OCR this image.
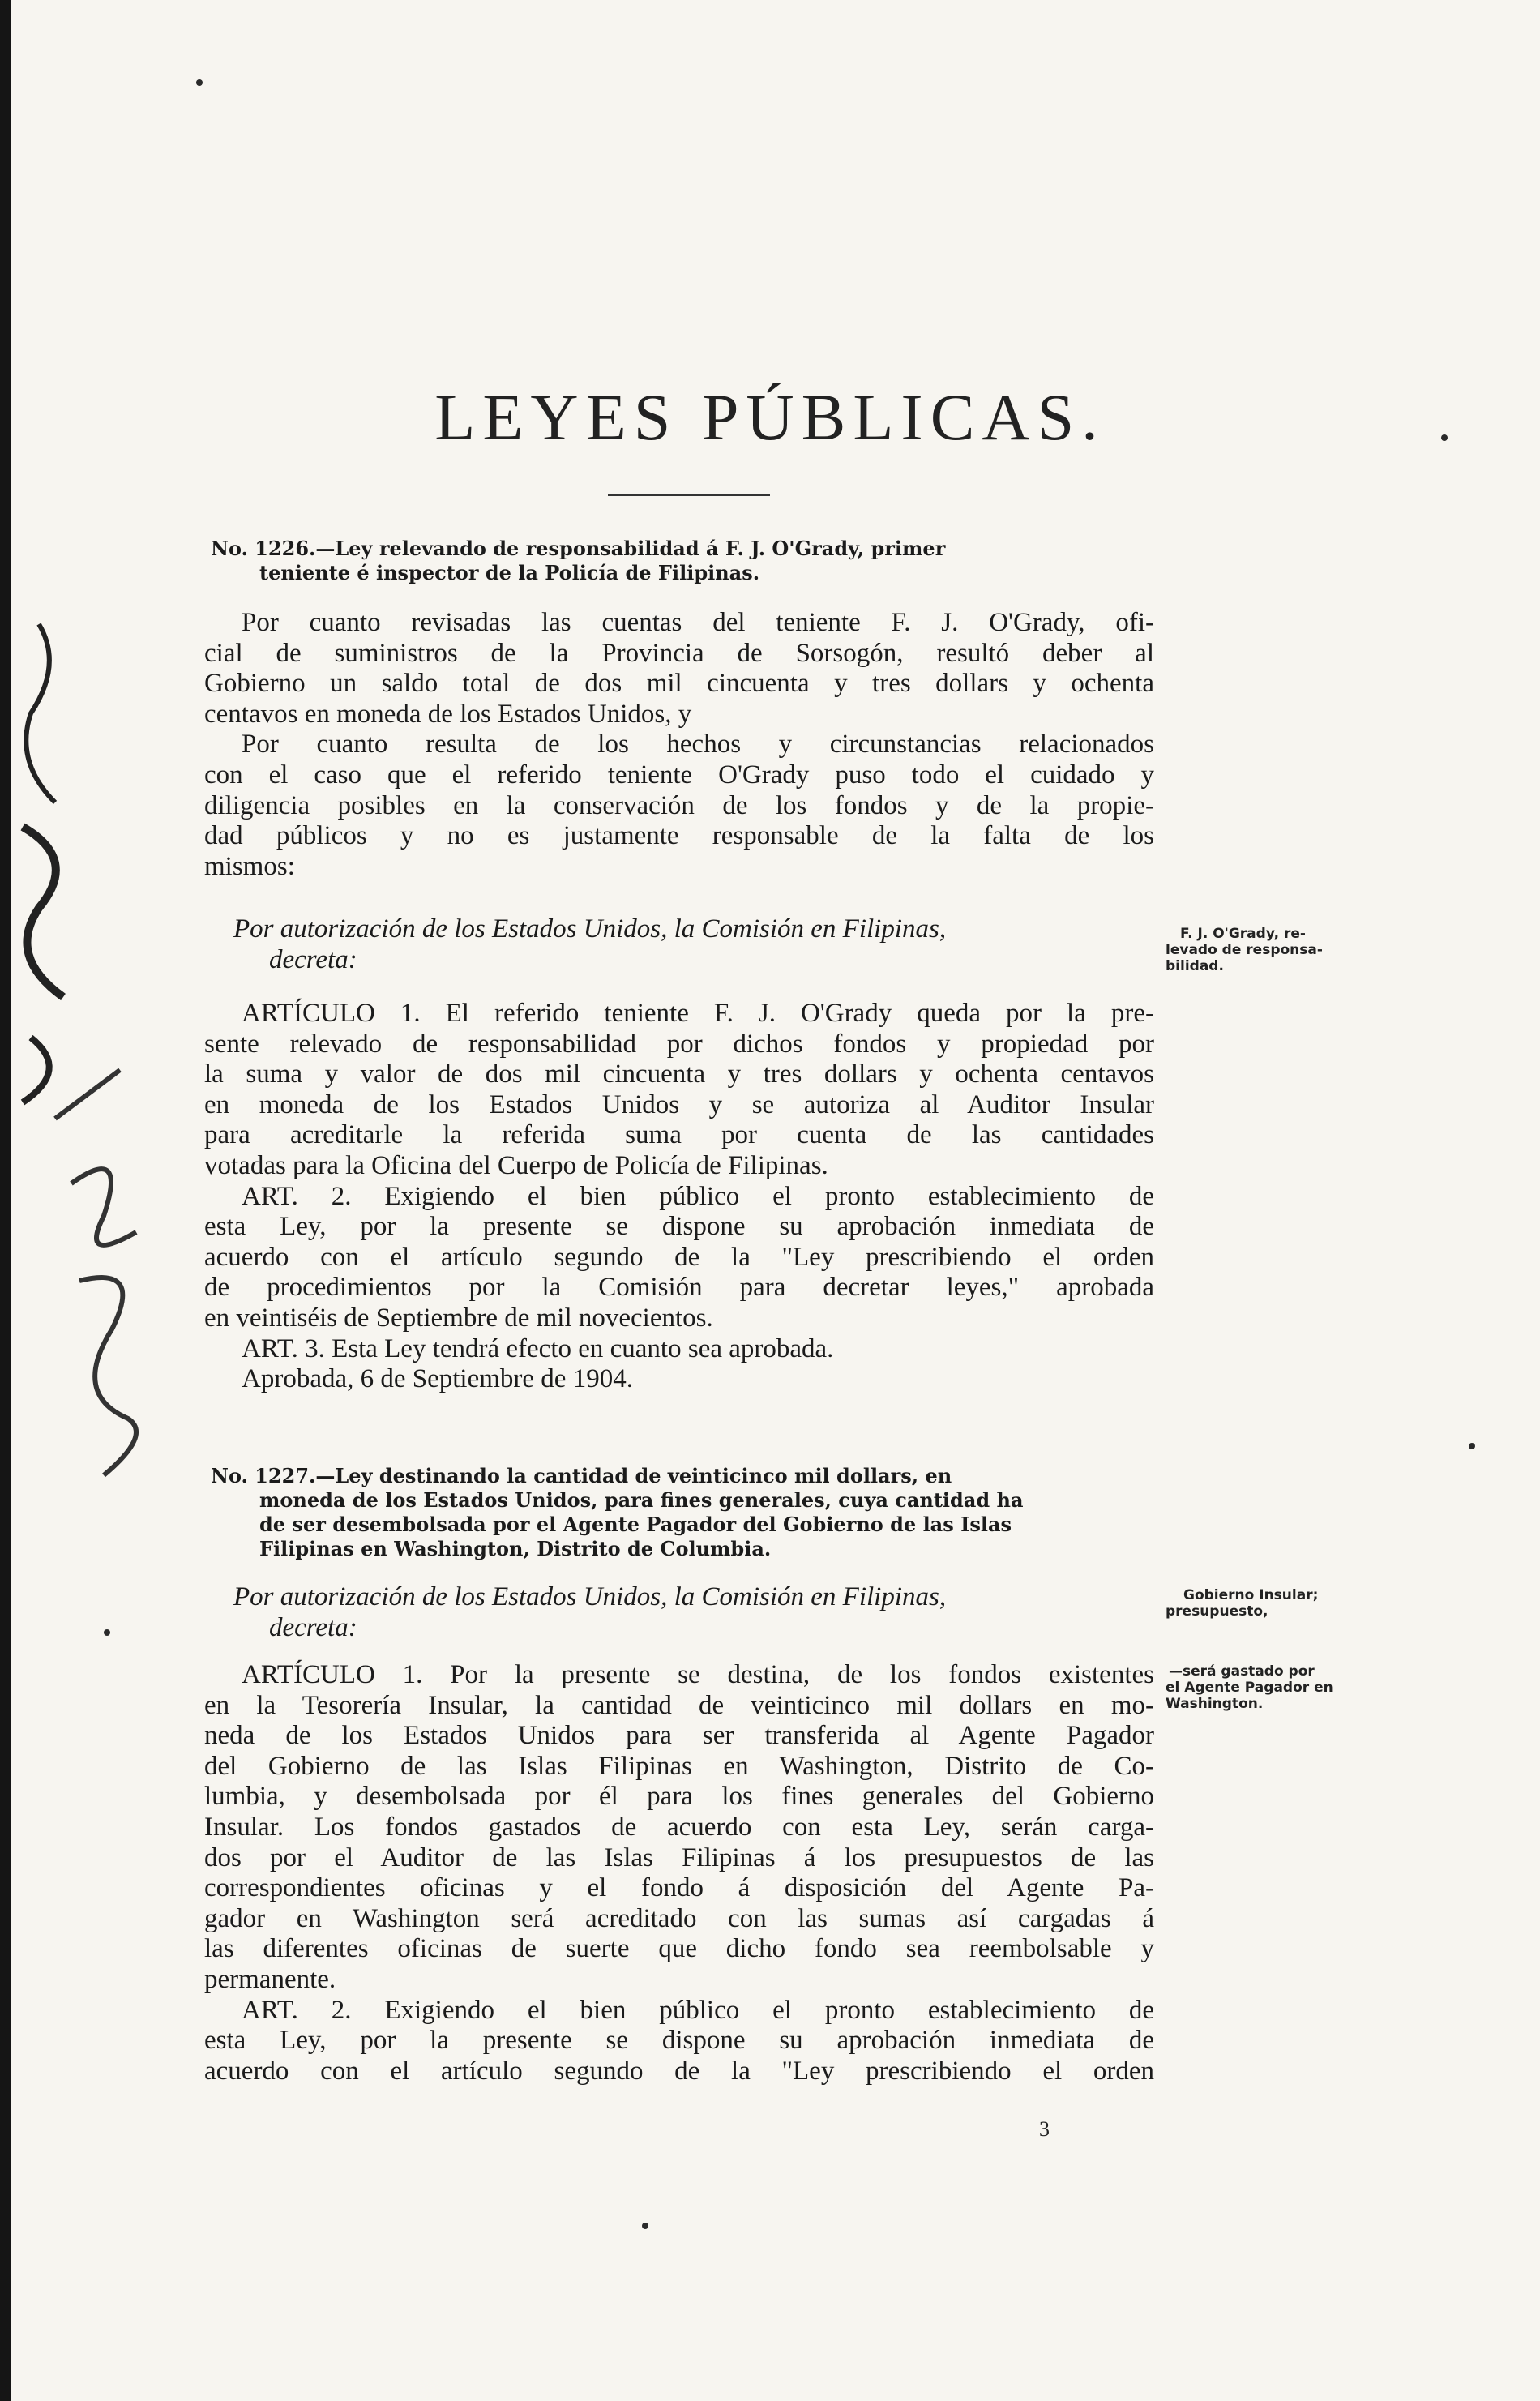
LEYES PÚBLICAS.
No. 1226.—Ley relevando de responsabilidad á F. J. O'Grady, primer
teniente é inspector de la Policía de Filipinas.
Por cuanto revisadas las cuentas del teniente F. J. O'Grady, ofi-
cial de suministros de la Provincia de Sorsogón, resultó deber al
Gobierno un saldo total de dos mil cincuenta y tres dollars y ochenta
centavos en moneda de los Estados Unidos, y
Por cuanto resulta de los hechos y circunstancias relacionados
con el caso que el referido teniente O'Grady puso todo el cuidado y
diligencia posibles en la conservación de los fondos y de la propie-
dad públicos y no es justamente responsable de la falta de los
mismos:
Por autorización de los Estados Unidos, la Comisión en Filipinas,
decreta:
F. J. O'Grady, re-
levado de responsa-
bilidad.
ARTÍCULO 1. El referido teniente F. J. O'Grady queda por la pre-
sente relevado de responsabilidad por dichos fondos y propiedad por
la suma y valor de dos mil cincuenta y tres dollars y ochenta centavos
en moneda de los Estados Unidos y se autoriza al Auditor Insular
para acreditarle la referida suma por cuenta de las cantidades
votadas para la Oficina del Cuerpo de Policía de Filipinas.
ART. 2. Exigiendo el bien público el pronto establecimiento de
esta Ley, por la presente se dispone su aprobación inmediata de
acuerdo con el artículo segundo de la "Ley prescribiendo el orden
de procedimientos por la Comisión para decretar leyes," aprobada
en veintiséis de Septiembre de mil novecientos.
ART. 3. Esta Ley tendrá efecto en cuanto sea aprobada.
Aprobada, 6 de Septiembre de 1904.
No. 1227.—Ley destinando la cantidad de veinticinco mil dollars, en
moneda de los Estados Unidos, para fines generales, cuya cantidad ha
de ser desembolsada por el Agente Pagador del Gobierno de las Islas
Filipinas en Washington, Distrito de Columbia.
Por autorización de los Estados Unidos, la Comisión en Filipinas,
decreta:
Gobierno Insular;
presupuesto,
—será gastado por
el Agente Pagador en
Washington.
ARTÍCULO 1. Por la presente se destina, de los fondos existentes
en la Tesorería Insular, la cantidad de veinticinco mil dollars en mo-
neda de los Estados Unidos para ser transferida al Agente Pagador
del Gobierno de las Islas Filipinas en Washington, Distrito de Co-
lumbia, y desembolsada por él para los fines generales del Gobierno
Insular. Los fondos gastados de acuerdo con esta Ley, serán carga-
dos por el Auditor de las Islas Filipinas á los presupuestos de las
correspondientes oficinas y el fondo á disposición del Agente Pa-
gador en Washington será acreditado con las sumas así cargadas á
las diferentes oficinas de suerte que dicho fondo sea reembolsable y
permanente.
ART. 2. Exigiendo el bien público el pronto establecimiento de
esta Ley, por la presente se dispone su aprobación inmediata de
acuerdo con el artículo segundo de la "Ley prescribiendo el orden
3
